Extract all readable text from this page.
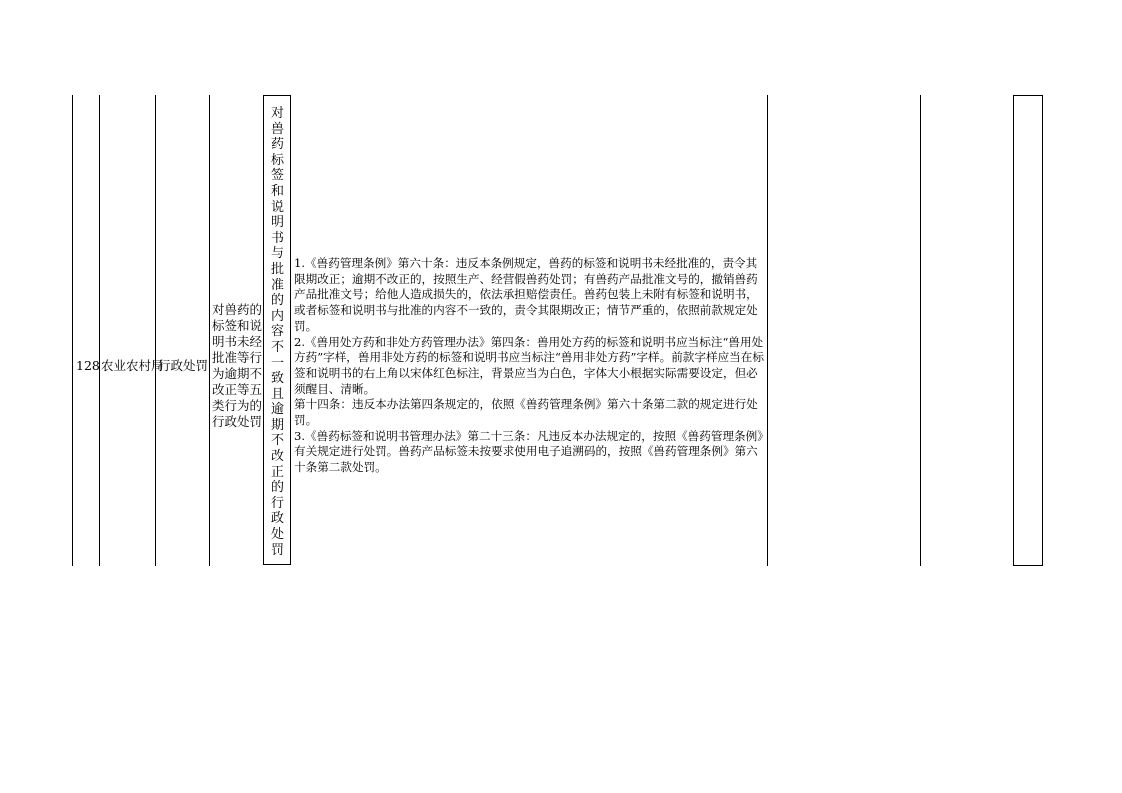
128 农业农村局
行政处罚
对兽药的标签和说明书未经批准等行为逾期不改正等五类行为的行政处罚
对兽药标签和说明书与批准的内容不一致且逾期不改正的行政处罚

1.《兽药管理条例》第六十条：违反本条例规定，兽药的标签和说明书未经批准的，责令其限期改正；逾期不改正的，按照生产、经营假兽药处罚；有兽药产品批准文号的，撤销兽药产品批准文号；给他人造成损失的，依法承担赔偿责任。兽药包装上未附有标签和说明书，或者标签和说明书与批准的内容不一致的，责令其限期改正；情节严重的，依照前款规定处罚。

2.《兽用处方药和非处方药管理办法》第四条：兽用处方药的标签和说明书应当标注“兽用处方药”字样，兽用非处方药的标签和说明书应当标注“兽用非处方药”字样。前款字样应当在标签和说明书的右上角以宋体红色标注，背景应当为白色，字体大小根据实际需要设定，但必须醒目、清晰。

第十四条：违反本办法第四条规定的，依照《兽药管理条例》第六十条第二款的规定进行处罚。

3.《兽药标签和说明书管理办法》第二十三条：凡违反本办法规定的，按照《兽药管理条例》有关规定进行处罚。兽药产品标签未按要求使用电子追溯码的，按照《兽药管理条例》第六十条第二款处罚。
